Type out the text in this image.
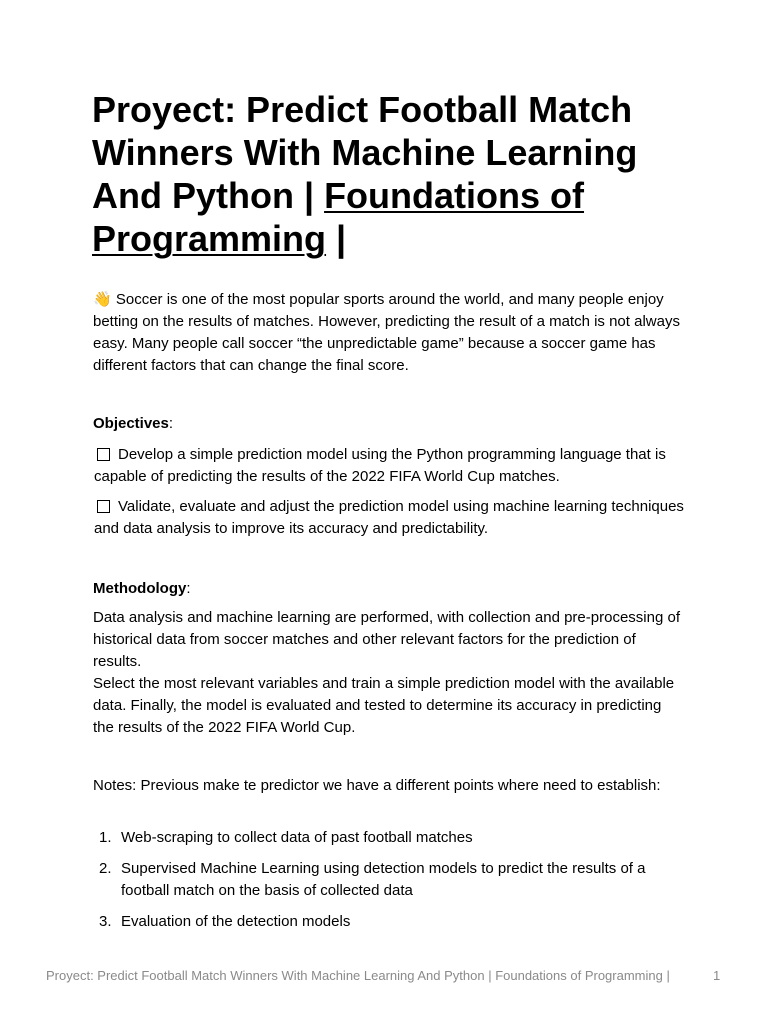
Proyect: Predict Football Match Winners With Machine Learning And Python | Foundations of Programming |

👋 Soccer is one of the most popular sports around the world, and many people enjoy betting on the results of matches. However, predicting the result of a match is not always easy. Many people call soccer “the unpredictable game” because a soccer game has different factors that can change the final score.

Objectives:

Develop a simple prediction model using the Python programming language that is capable of predicting the results of the 2022 FIFA World Cup matches.

Validate, evaluate and adjust the prediction model using machine learning techniques and data analysis to improve its accuracy and predictability.

Methodology:

Data analysis and machine learning are performed, with collection and pre-processing of historical data from soccer matches and other relevant factors for the prediction of results.

Select the most relevant variables and train a simple prediction model with the available data. Finally, the model is evaluated and tested to determine its accuracy in predicting the results of the 2022 FIFA World Cup.

Notes: Previous make te predictor we have a different points where need to establish:

1. Web-scraping to collect data of past football matches
2. Supervised Machine Learning using detection models to predict the results of a football match on the basis of collected data
3. Evaluation of the detection models
Proyect: Predict Football Match Winners With Machine Learning And Python | Foundations of Programming |	1
